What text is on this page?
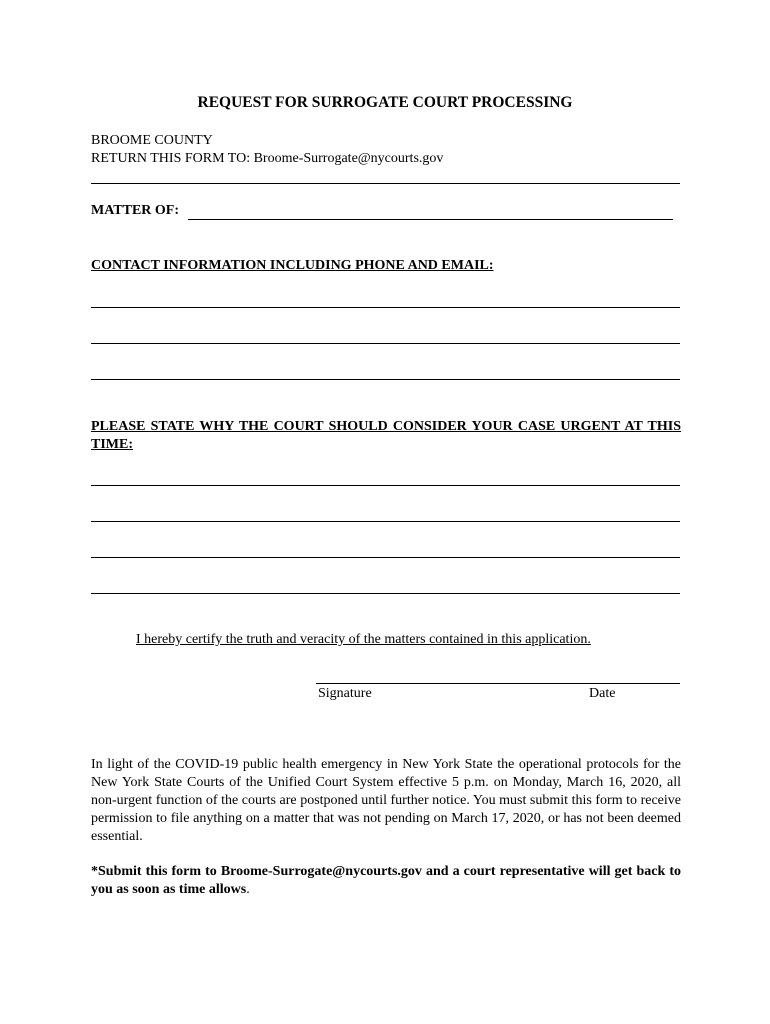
REQUEST FOR SURROGATE COURT PROCESSING
BROOME COUNTY
RETURN THIS FORM TO: Broome-Surrogate@nycourts.gov
MATTER OF:
CONTACT INFORMATION INCLUDING PHONE AND EMAIL:
PLEASE STATE WHY THE COURT SHOULD CONSIDER YOUR CASE URGENT AT THIS TIME:
I hereby certify the truth and veracity of the matters contained in this application.
Signature	Date
In light of the COVID-19 public health emergency in New York State the operational protocols for the New York State Courts of the Unified Court System effective 5 p.m. on Monday, March 16, 2020, all non-urgent function of the courts are postponed until further notice. You must submit this form to receive permission to file anything on a matter that was not pending on March 17, 2020, or has not been deemed essential.
*Submit this form to Broome-Surrogate@nycourts.gov and a court representative will get back to you as soon as time allows.
